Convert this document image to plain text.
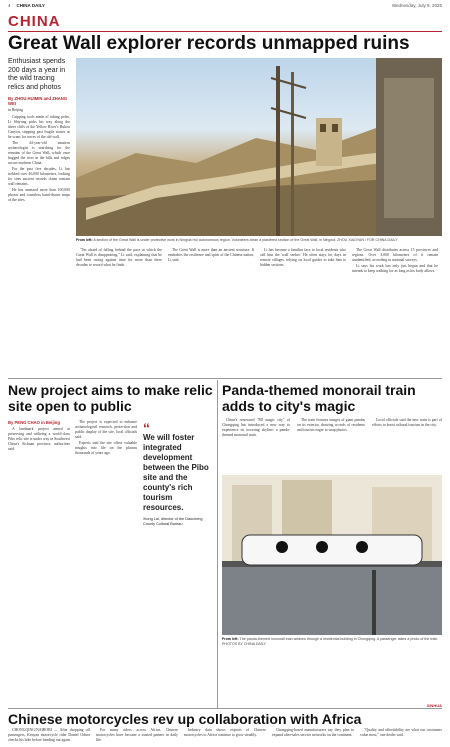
4 CHINA DAILY	Wednesday, July 9, 2025
CHINA
Great Wall explorer records unmapped ruins
Enthusiast spends 200 days a year in the wild tracing relics and photos
By ZHOU HUIMIN and ZHANG WEI
in Beijing

Gripping tools made of tubing poles, Li Shiyong picks his way along the sheer cliffs of the Yellow River's Hukou Canyon, stepping past fragile stones as he scans for traces of the old wall.

The 44-year-old amateur archaeologist is searching for the remains of the Great Wall, which once hugged the river in the hills and ridges across northern China.

For the past five decades, Li has trekked over 46,000 kilometers, looking for sites ancient records claim contain wall remains.

He has amassed more than 100,000 photos and countless hand-drawn maps of the sites.

From left: A section of the Great Wall is under protective work in Ningxia Hui autonomous region. Volunteers clean a plastered section of the Great Wall, in Ningxia. ZHOU XIAOYAN / FOR CHINA DAILY

"I'm afraid of falling behind the pace at which the Great Wall is disappearing," Li said, explaining that he had been racing against time for more than three decades to record what he finds.

The Great Wall is more than an ancient structure. It embodies the resilience and spirit of the Chinese nation, Li said.

Li has become a familiar face to local residents who call him the 'wall seeker.' He often stays for days in remote villages, relying on local guides to take him to hidden sections.

The Great Wall distributes across 15 provinces and regions. Over 3,000 kilometers of it remain unidentified, according to national surveys.

Li says his work has only just begun and that he intends to keep walking for as long as his body allows.

New project aims to make relic site open to public
By PENG CHAO in Beijing

A landmark project aimed at preserving and utilizing a world-class Pibo relic site is under way in Southwest China's Sichuan province, authorities said.

The project is expected to enhance archaeological research, protection and public display of the site, local officials said.

Experts said the site offers valuable insights into life on the plateau thousands of years ago.

“
We will foster integrated development between the Pibo site and the county's rich tourism resources.
Xiong Lai, director of the Daocheng County Cultural Bureau
Panda-themed monorail train adds to city's magic

China's renowned "8D magic city" of Chongqing has introduced a new way to experience its towering skyline: a panda-themed monorail train.

The train features images of giant pandas on its exterior, drawing crowds of residents and tourists eager to snap photos.

Local officials said the new train is part of efforts to boost cultural tourism in the city.

From left: The panda-themed monorail train weaves through a residential building in Chongqing. A passenger takes a photo of the train. PHOTOS BY CHINA DAILY
Chinese motorcycles rev up collaboration with Africa
XINHUA

CHONGQING/NAIROBI — After dropping off passengers, Kenyan motorcycle rider Daniel Oduor checks his bike before heading out again.

For many riders across Africa, Chinese motorcycles have become a trusted partner in daily life.

Industry data shows exports of Chinese motorcycles to Africa continue to grow steadily.

Chongqing-based manufacturers say they plan to expand after-sales service networks on the continent.

"Quality and affordability are what our customers value most," one dealer said.
